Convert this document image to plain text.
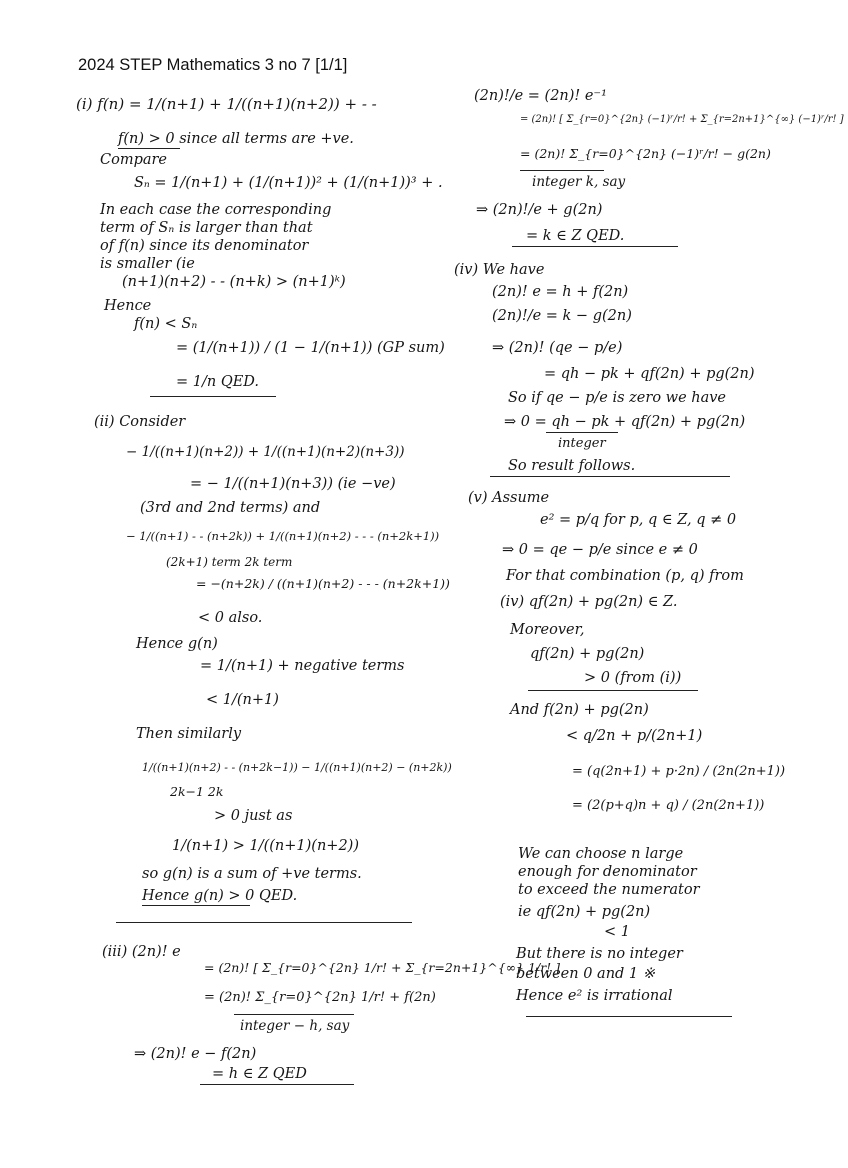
2024 STEP Mathematics 3 no 7 [1/1]
(i) f(n) = 1/(n+1) + 1/((n+1)(n+2)) + - -
f(n) > 0 since all terms are +ve.
Compare
Sₙ = 1/(n+1) + (1/(n+1))² + (1/(n+1))³ + .
In each case the corresponding
term of Sₙ is larger than that
of f(n) since its denominator
is smaller (ie
(n+1)(n+2) - - (n+k) > (n+1)ᵏ)
Hence
f(n) < Sₙ
= (1/(n+1)) / (1 − 1/(n+1)) (GP sum)
= 1/n QED.
(ii) Consider
− 1/((n+1)(n+2)) + 1/((n+1)(n+2)(n+3))
= − 1/((n+1)(n+3)) (ie −ve)
(3rd and 2nd terms) and
− 1/((n+1) - - (n+2k)) + 1/((n+1)(n+2) - - - (n+2k+1))
(2k+1) term 2k term
= −(n+2k) / ((n+1)(n+2) - - - (n+2k+1))
< 0 also.
Hence g(n)
= 1/(n+1) + negative terms
< 1/(n+1)
Then similarly
1/((n+1)(n+2) - - (n+2k−1)) − 1/((n+1)(n+2) − (n+2k))
2k−1 2k
> 0 just as
1/(n+1) > 1/((n+1)(n+2))
so g(n) is a sum of +ve terms.
Hence g(n) > 0 QED.
(iii) (2n)! e
= (2n)! [ Σ_{r=0}^{2n} 1/r! + Σ_{r=2n+1}^{∞} 1/r! ]
= (2n)! Σ_{r=0}^{2n} 1/r! + f(2n)
integer − h, say
⇒ (2n)! e − f(2n)
= h ∈ Z QED
(2n)!/e = (2n)! e⁻¹
= (2n)! [ Σ_{r=0}^{2n} (−1)ʳ/r! + Σ_{r=2n+1}^{∞} (−1)ʳ/r! ]
= (2n)! Σ_{r=0}^{2n} (−1)ʳ/r! − g(2n)
integer k, say
⇒ (2n)!/e + g(2n)
= k ∈ Z QED.
(iv) We have
(2n)! e = h + f(2n)
(2n)!/e = k − g(2n)
⇒ (2n)! (qe − p/e)
= qh − pk + qf(2n) + pg(2n)
So if qe − p/e is zero we have
⇒ 0 = qh − pk + qf(2n) + pg(2n)
integer
So result follows.
(v) Assume
e² = p/q for p, q ∈ Z, q ≠ 0
⇒ 0 = qe − p/e since e ≠ 0
For that combination (p, q) from
(iv) qf(2n) + pg(2n) ∈ Z.
Moreover,
qf(2n) + pg(2n)
> 0 (from (i))
And f(2n) + pg(2n)
< q/2n + p/(2n+1)
= (q(2n+1) + p·2n) / (2n(2n+1))
= (2(p+q)n + q) / (2n(2n+1))
We can choose n large
enough for denominator
to exceed the numerator
ie qf(2n) + pg(2n)
< 1
But there is no integer
between 0 and 1 ※
Hence e² is irrational
